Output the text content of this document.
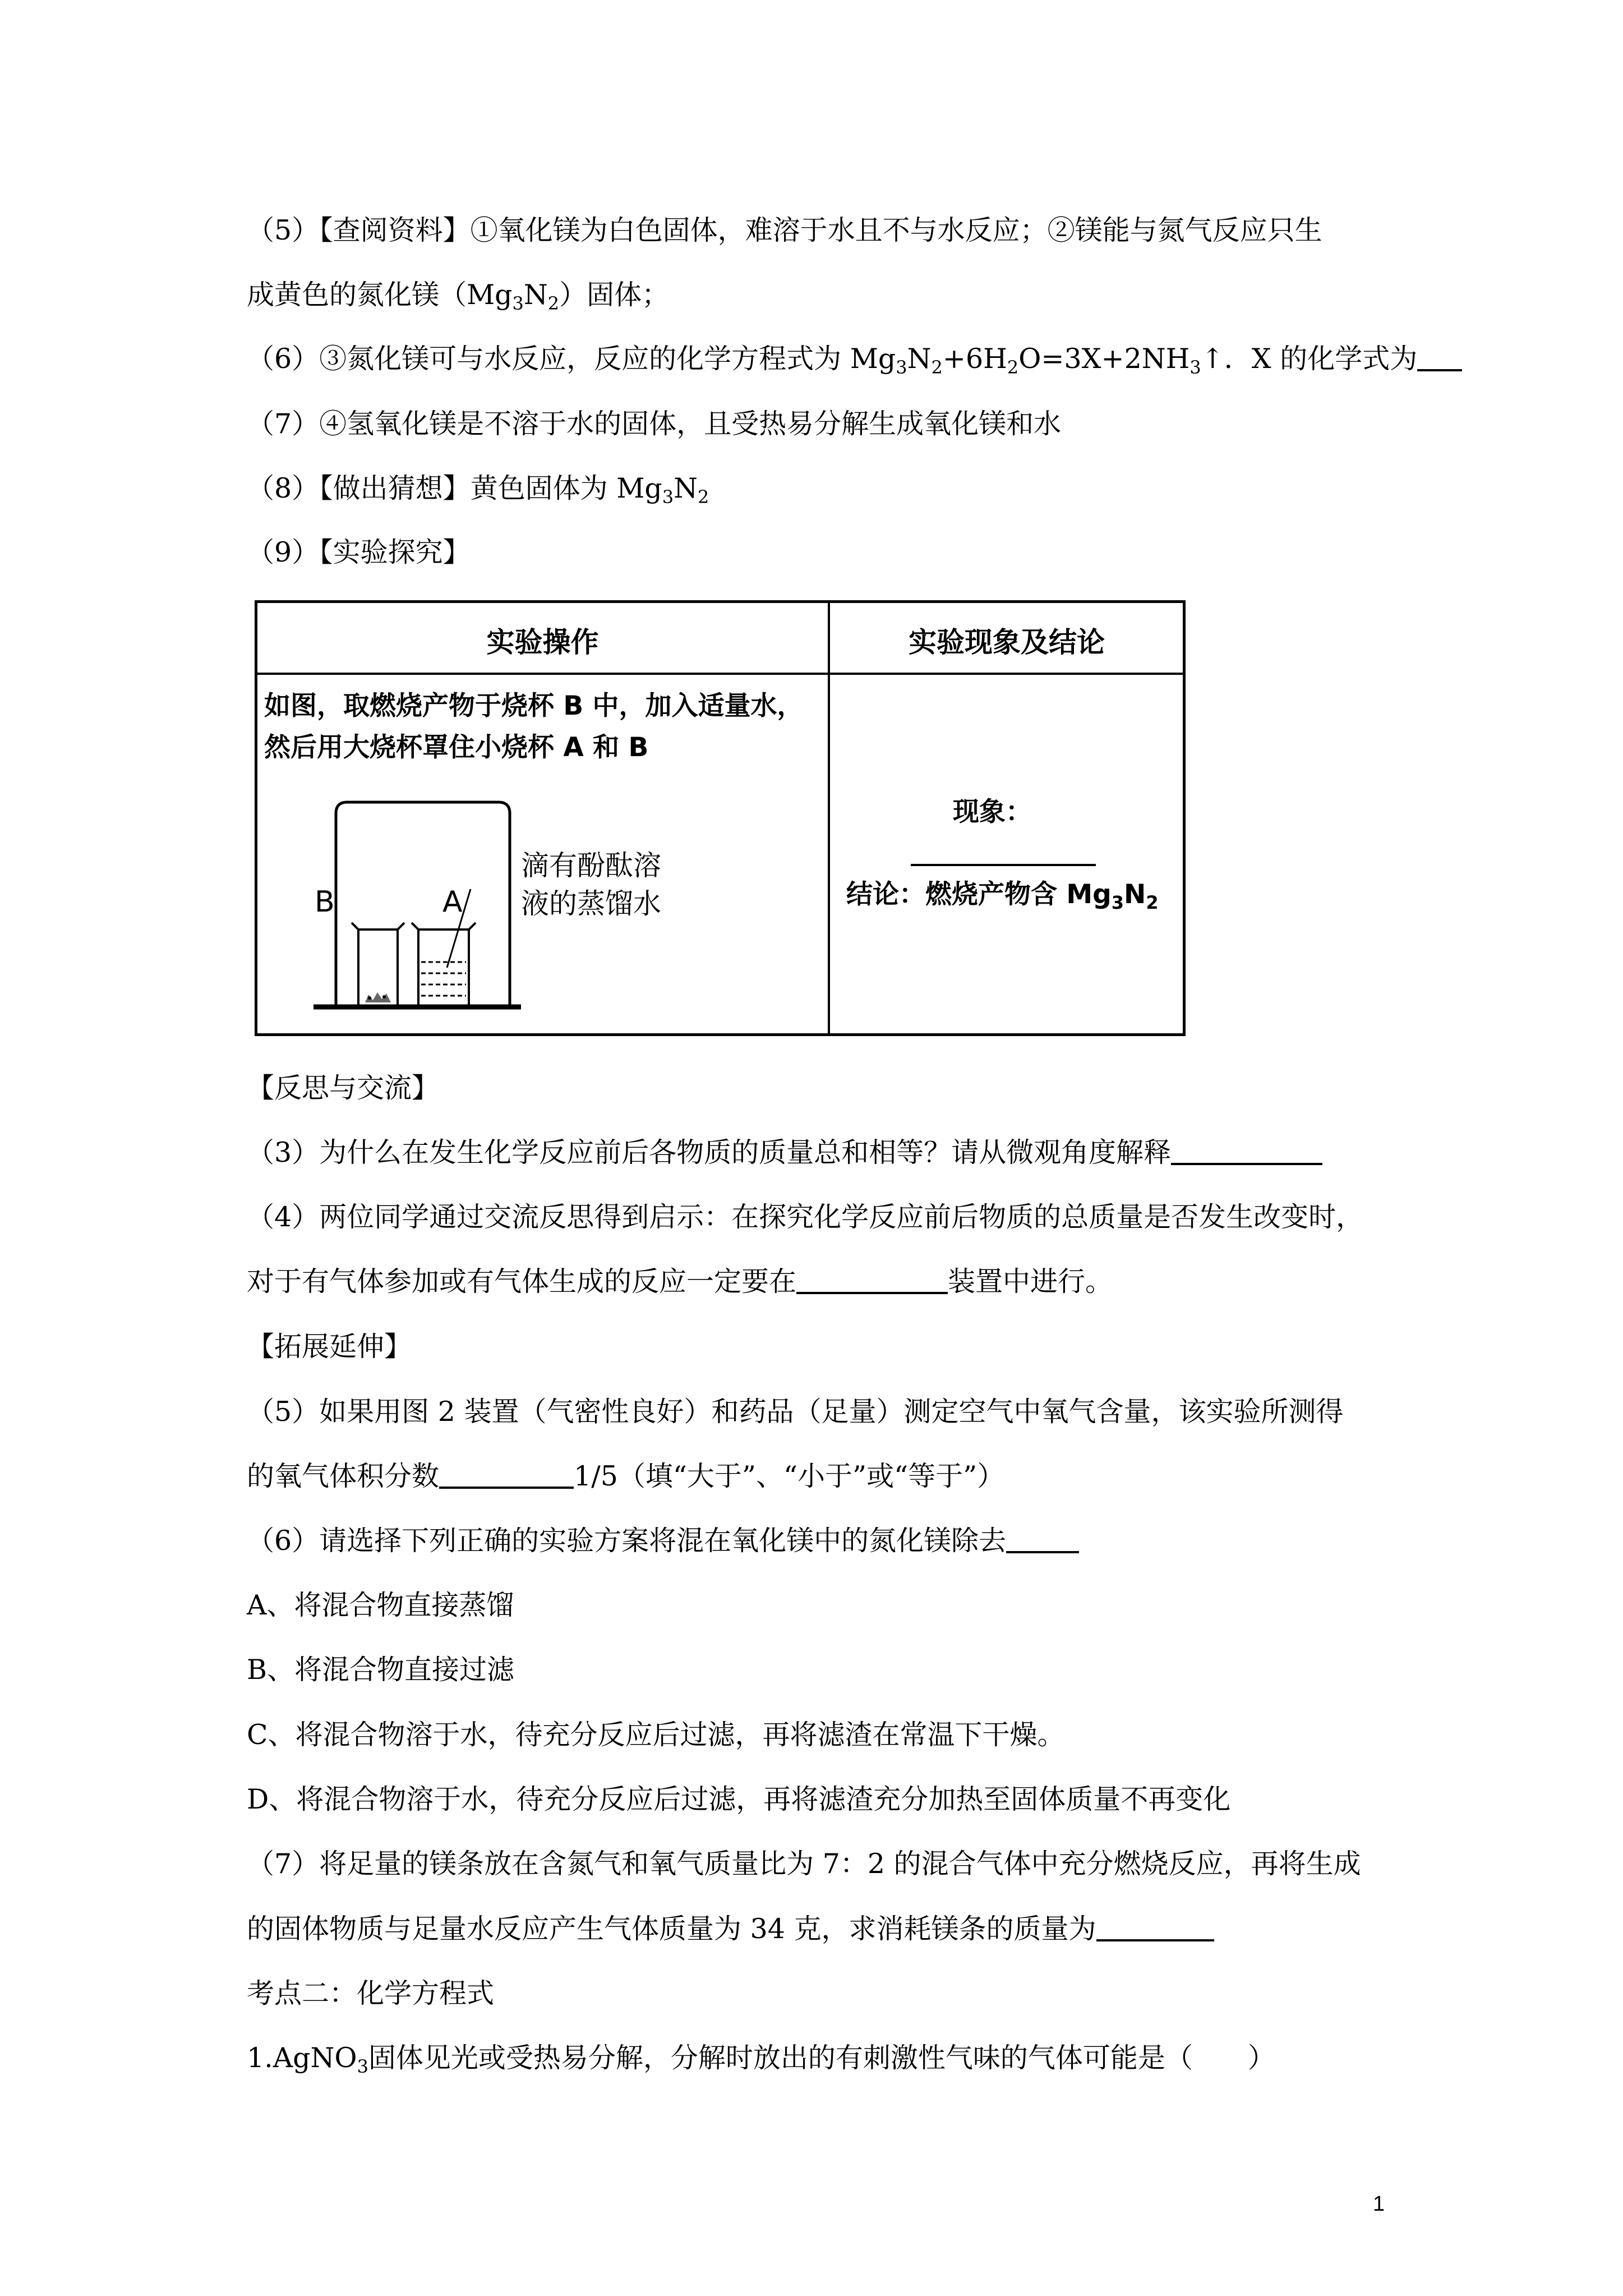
（5）【查阅资料】①氧化镁为白色固体，难溶于水且不与水反应；②镁能与氮气反应只生
成黄色的氮化镁$(Mg_3N_2)$固体；
（6）③氮化镁可与水反应，反应的化学方程式为 $Mg_3N_2+6H_2O=3X+2NH_3↑$．X 的化学式为
（7）④氢氧化镁是不溶于水的固体，且受热易分解生成氧化镁和水
（8）【做出猜想】黄色固体为 $Mg_3N_2$
（9）【实验探究】
实验操作	实验现象及结论
如图，取燃烧产物于烧杯 B 中，加入适量水，
然后用大烧杯罩住小烧杯 A 和 B
B	A
滴有酚酞溶
液的蒸馏水
现象：
结论：燃烧产物含 $Mg_3N_2$
【反思与交流】
（3）为什么在发生化学反应前后各物质的质量总和相等？请从微观角度解释
（4）两位同学通过交流反思得到启示：在探究化学反应前后物质的总质量是否发生改变时，
对于有气体参加或有气体生成的反应一定要在	装置中进行。
【拓展延伸】
（5）如果用图 2 装置（气密性良好）和药品（足量）测定空气中氧气含量，该实验所测得
的氧气体积分数	1/5（填“大于”、“小于”或“等于”）
（6）请选择下列正确的实验方案将混在氧化镁中的氮化镁除去
A、将混合物直接蒸馏
B、将混合物直接过滤
C、将混合物溶于水，待充分反应后过滤，再将滤渣在常温下干燥。
D、将混合物溶于水，待充分反应后过滤，再将滤渣充分加热至固体质量不再变化
（7）将足量的镁条放在含氮气和氧气质量比为 7：2 的混合气体中充分燃烧反应，再将生成
的固体物质与足量水反应产生气体质量为 34 克，求消耗镁条的质量为
考点二：化学方程式
1.AgNO$_3$固体见光或受热易分解，分解时放出的有刺激性气味的气体可能是（　　）
1
